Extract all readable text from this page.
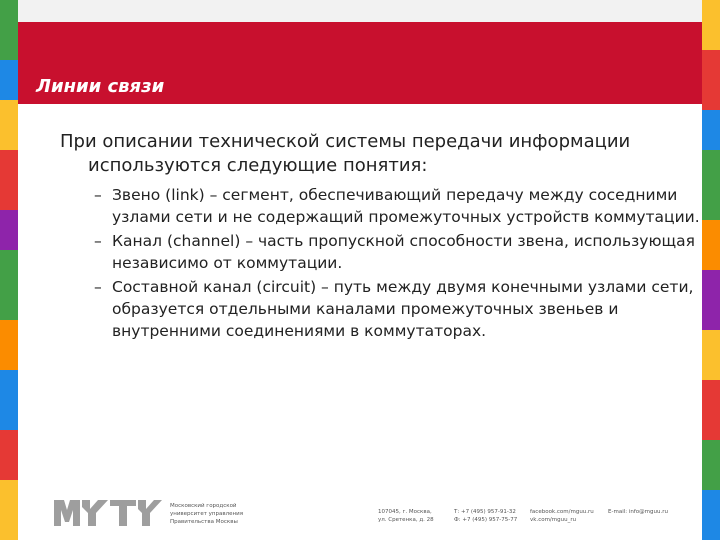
Линии связи

При описании технической системы передачи информации используются следующие понятия:

– Звено (link) – сегмент, обеспечивающий передачу между соседними узлами сети и не содержащий промежуточных устройств коммутации.
– Канал (channel) – часть пропускной способности звена, использующая независимо от коммутации.
– Составной канал (circuit) – путь между двумя конечными узлами сети, образуется отдельными каналами промежуточных звеньев и внутренними соединениями в коммутаторах.
Московский городской
университет управления
Правительства Москвы
107045, г. Москва,
ул. Сретенка, д. 28
Т: +7 (495) 957-91-32
Ф: +7 (495) 957-75-77
facebook.com/mguu.ru
vk.com/mguu_ru
E-mail: info@mguu.ru
